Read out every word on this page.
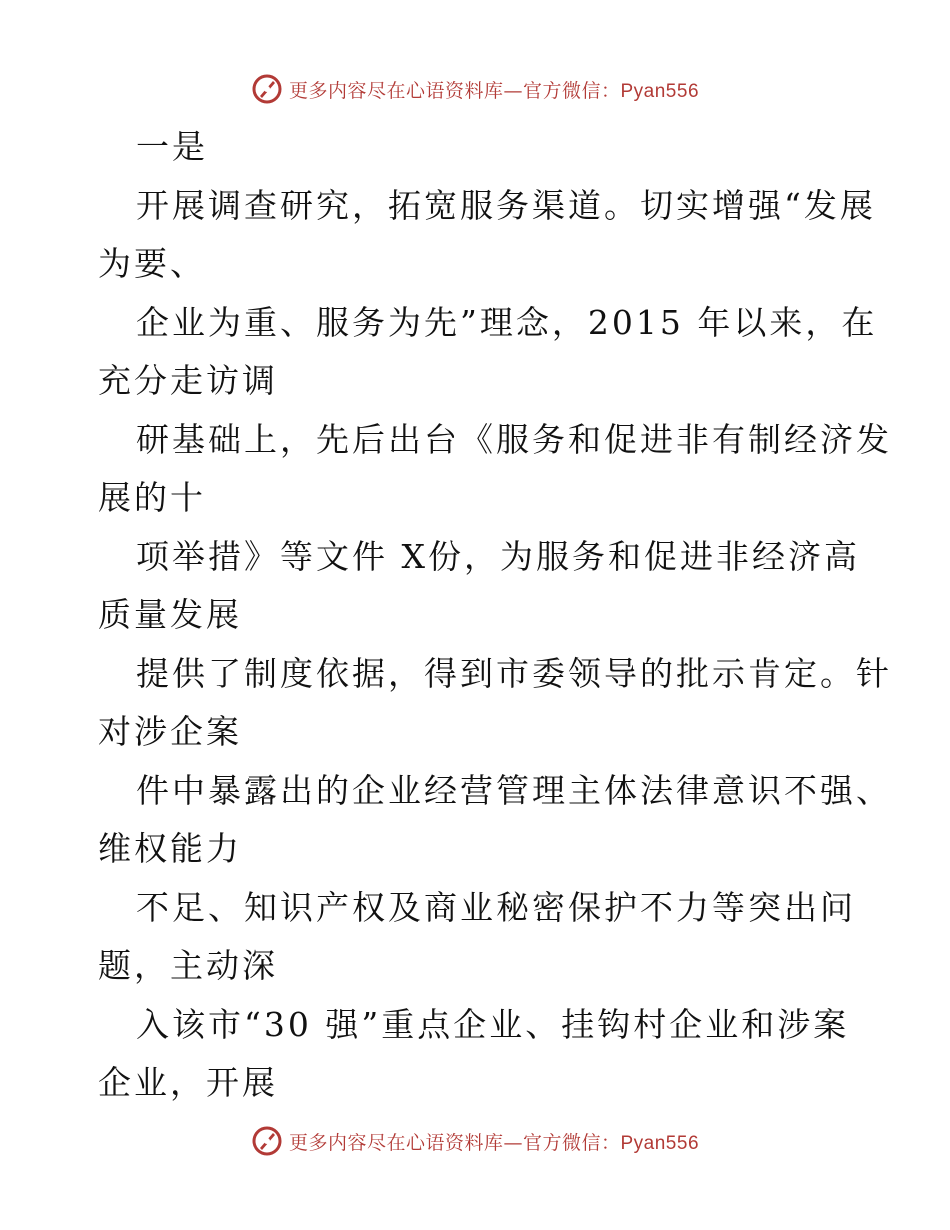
更多内容尽在心语资料库—官方微信：Pyan556
一是
开展调查研究，拓宽服务渠道。切实增强“发展
为要、
企业为重、服务为先”理念，2015 年以来，在
充分走访调
研基础上，先后出台《服务和促进非有制经济发
展的十
项举措》等文件 X份，为服务和促进非经济高
质量发展
提供了制度依据，得到市委领导的批示肯定。针
对涉企案
件中暴露出的企业经营管理主体法律意识不强、
维权能力
不足、知识产权及商业秘密保护不力等突出问
题，主动深
入该市“30 强”重点企业、挂钩村企业和涉案
企业，开展
更多内容尽在心语资料库—官方微信：Pyan556
